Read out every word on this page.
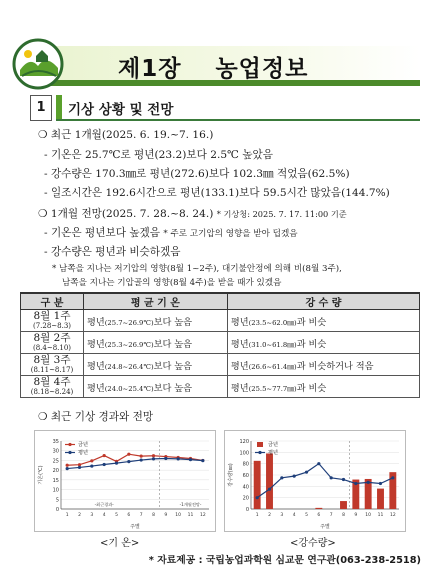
제1장 농업정보
1	기상 상황 및 전망
❍ 최근 1개월(2025. 6. 19.~7. 16.)
- 기온은 25.7℃로 평년(23.2)보다 2.5℃ 높았음
- 강수량은 170.3㎜로 평년(272.6)보다 102.3㎜ 적었음(62.5%)
- 일조시간은 192.6시간으로 평년(133.1)보다 59.5시간 많았음(144.7%)
❍ 1개월 전망(2025. 7. 28.~8. 24.) * 기상청: 2025. 7. 17. 11:00 기준
- 기온은 평년보다 높겠음 * 주로 고기압의 영향을 받아 덥겠음
- 강수량은 평년과 비슷하겠음
* 남쪽을 지나는 저기압의 영향(8월 1~2주), 대기불안정에 의해 비(8월 3주),
남쪽을 지나는 기압골의 영향(8월 4주)을 받을 때가 있겠음
구 분	평 균 기 온	강 수 량

8월 1주
(7.28~8.3)	평년(25.7~26.9℃)보다 높음	평년(23.5~62.0㎜)과 비슷

8월 2주
(8.4~8.10)	평년(25.3~26.9℃)보다 높음	평년(31.0~61.8㎜)과 비슷

8월 3주
(8.11~8.17)	평년(24.8~26.4℃)보다 높음	평년(26.6~61.4㎜)과 비슷하거나 적음

8월 4주
(8.18~8.24)	평년(24.0~25.4℃)보다 높음	평년(25.5~77.7㎜)과 비슷
❍ 최근 기상 경과와 전망
0
5
10
15
20
25
30
35
1 2 3 4 5 6 7 8 9 10 11 12
주별
기온(℃)
금년
평년
-최근경과-	-1개월전망-
0
20
40
60
80
100
120
1 2 3 4 5 6 7 8 9 10 11 12
주별
강수량(㎜)
금년
평년
<기 온>	<강수량>
* 자료제공 : 국립농업과학원 심교문 연구관(063-238-2518)
